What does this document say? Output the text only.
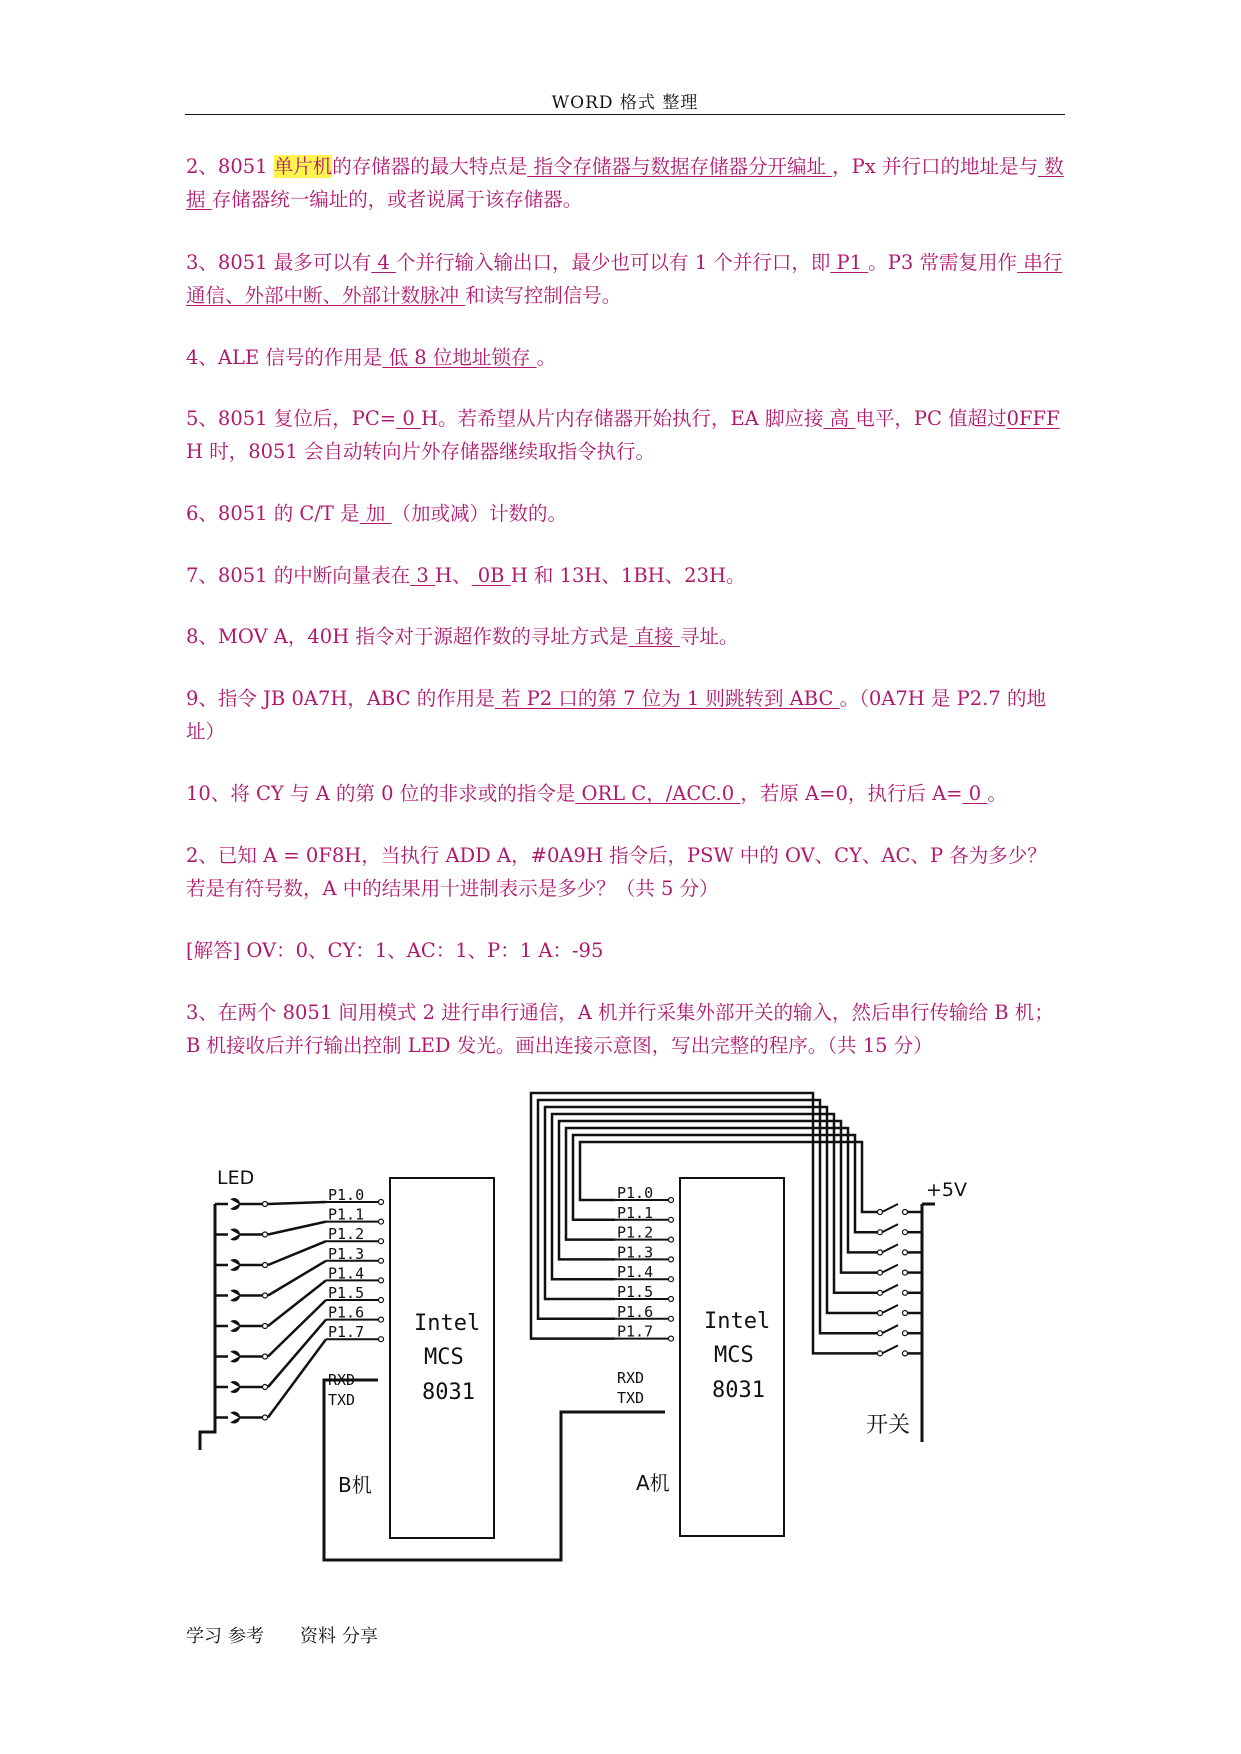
WORD 格式 整理
2、8051 单片机的存储器的最大特点是 指令存储器与数据存储器分开编址 ，Px 并行口的地址是与 数据 存储器统一编址的，或者说属于该存储器。
3、8051 最多可以有 4 个并行输入输出口，最少也可以有 1 个并行口，即 P1 。P3 常需复用作 串行通信、外部中断、外部计数脉冲 和读写控制信号。
4、ALE 信号的作用是 低 8 位地址锁存 。
5、8051 复位后，PC= 0 H。若希望从片内存储器开始执行，EA 脚应接 高 电平，PC 值超过0FFF H 时，8051 会自动转向片外存储器继续取指令执行。
6、8051 的 C/T 是 加 （加或减）计数的。
7、8051 的中断向量表在 3 H、 0B H 和 13H、1BH、23H。
8、MOV A，40H 指令对于源超作数的寻址方式是 直接 寻址。
9、指令 JB 0A7H，ABC 的作用是 若 P2 口的第 7 位为 1 则跳转到 ABC 。（0A7H 是 P2.7 的地址）
10、将 CY 与 A 的第 0 位的非求或的指令是 ORL C，/ACC.0 ，若原 A=0，执行后 A= 0 。
2、已知 A = 0F8H，当执行 ADD A，#0A9H 指令后，PSW 中的 OV、CY、AC、P 各为多少？若是有符号数，A 中的结果用十进制表示是多少？（共 5 分）
[解答] OV：0、CY：1、AC：1、P：1 A：-95
3、在两个 8051 间用模式 2 进行串行通信，A 机并行采集外部开关的输入，然后串行传输给 B 机；B 机接收后并行输出控制 LED 发光。画出连接示意图，写出完整的程序。（共 15 分）
LED
+5V
开关
B机	A机
Intel
MCS
8031
Intel
MCS
8031
RXD
TXD
RXD
TXD
P1.0	P1.0
P1.1	P1.1
P1.2	P1.2
P1.3	P1.3
P1.4	P1.4
P1.5	P1.5
P1.6	P1.6
P1.7	P1.7
学习 参考 资料 分享
